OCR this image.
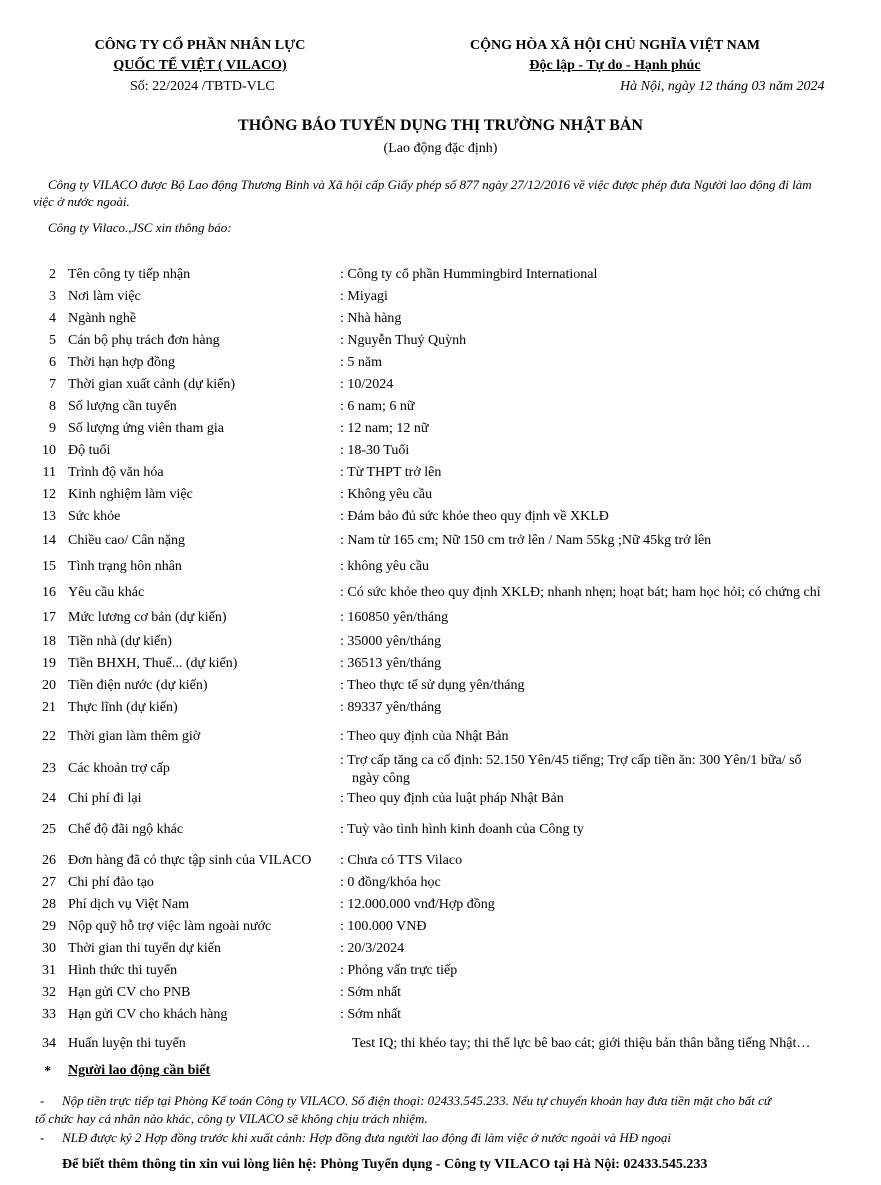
CÔNG TY CỔ PHẦN NHÂN LỰC
QUỐC TẾ VIỆT ( VILACO)
Số: 22/2024 /TBTD-VLC
CỘNG HÒA XÃ HỘI CHỦ NGHĨA VIỆT NAM
Độc lập - Tự do - Hạnh phúc
Hà Nội, ngày 12 tháng 03 năm 2024
THÔNG BÁO TUYỂN DỤNG THỊ TRƯỜNG NHẬT BẢN
(Lao động đặc định)
Công ty VILACO được Bộ Lao động Thương Binh và Xã hội cấp Giấy phép số 877 ngày 27/12/2016 về việc được phép đưa Người lao động đi làm
việc ở nước ngoài.
Công ty Vilaco.,JSC xin thông báo:
2 Tên công ty tiếp nhận	: Công ty cổ phần Hummingbird International
3 Nơi làm việc	: Miyagi
4 Ngành nghề	: Nhà hàng
5 Cán bộ phụ trách đơn hàng	: Nguyễn Thuý Quỳnh
6 Thời hạn hợp đồng	: 5 năm
7 Thời gian xuất cảnh (dự kiến)	: 10/2024
8 Số lượng cần tuyển	: 6 nam; 6 nữ
9 Số lượng ứng viên tham gia	: 12 nam; 12 nữ
10 Độ tuổi	: 18-30 Tuổi
11 Trình độ văn hóa	: Từ THPT trở lên
12 Kinh nghiệm làm việc	: Không yêu cầu
13 Sức khỏe	: Đảm bảo đủ sức khỏe theo quy định về XKLĐ
14 Chiều cao/ Cân nặng	: Nam từ 165 cm; Nữ 150 cm trở lên / Nam 55kg ;Nữ 45kg trở lên
15 Tình trạng hôn nhân	: không yêu cầu
16 Yêu cầu khác	: Có sức khỏe theo quy định XKLĐ; nhanh nhẹn; hoạt bát; ham học hỏi; có chứng chỉ
17 Mức lương cơ bản (dự kiến)	: 160850 yên/tháng
18 Tiền nhà (dự kiến)	: 35000 yên/tháng
19 Tiền BHXH, Thuế... (dự kiến)	: 36513 yên/tháng
20 Tiền điện nước (dự kiến)	: Theo thực tế sử dụng yên/tháng
21 Thực lĩnh (dự kiến)	: 89337 yên/tháng
22 Thời gian làm thêm giờ	: Theo quy định của Nhật Bản
23 Các khoản trợ cấp
: Trợ cấp tăng ca cố định: 52.150 Yên/45 tiếng; Trợ cấp tiền ăn: 300 Yên/1 bữa/ số
ngày công
24 Chi phí đi lại	: Theo quy định của luật pháp Nhật Bản
25 Chế độ đãi ngộ khác	: Tuỳ vào tình hình kinh doanh của Công ty
26 Đơn hàng đã có thực tập sinh của VILACO : Chưa có TTS Vilaco
27 Chi phí đào tạo	: 0 đồng/khóa học
28 Phí dịch vụ Việt Nam	: 12.000.000 vnđ/Hợp đồng
29 Nộp quỹ hỗ trợ việc làm ngoài nước	: 100.000 VNĐ
30 Thời gian thi tuyển dự kiến	: 20/3/2024
31 Hình thức thi tuyển	: Phỏng vấn trực tiếp
32 Hạn gửi CV cho PNB	: Sớm nhất
33 Hạn gửi CV cho khách hàng	: Sớm nhất
34 Huấn luyện thi tuyển	Test IQ; thi khéo tay; thi thể lực bê bao cát; giới thiệu bản thân bằng tiếng Nhật…
* Người lao động cần biết
- Nộp tiền trực tiếp tại Phòng Kế toán Công ty VILACO. Số điện thoại: 02433.545.233. Nếu tự chuyển khoản hay đưa tiền mặt cho bất cứ
tổ chức hay cá nhân nào khác, công ty VILACO sẽ không chịu trách nhiệm.
- NLĐ được ký 2 Hợp đồng trước khi xuất cảnh: Hợp đồng đưa người lao động đi làm việc ở nước ngoài và HĐ ngoại
Để biết thêm thông tin xin vui lòng liên hệ: Phòng Tuyển dụng - Công ty VILACO tại Hà Nội: 02433.545.233
